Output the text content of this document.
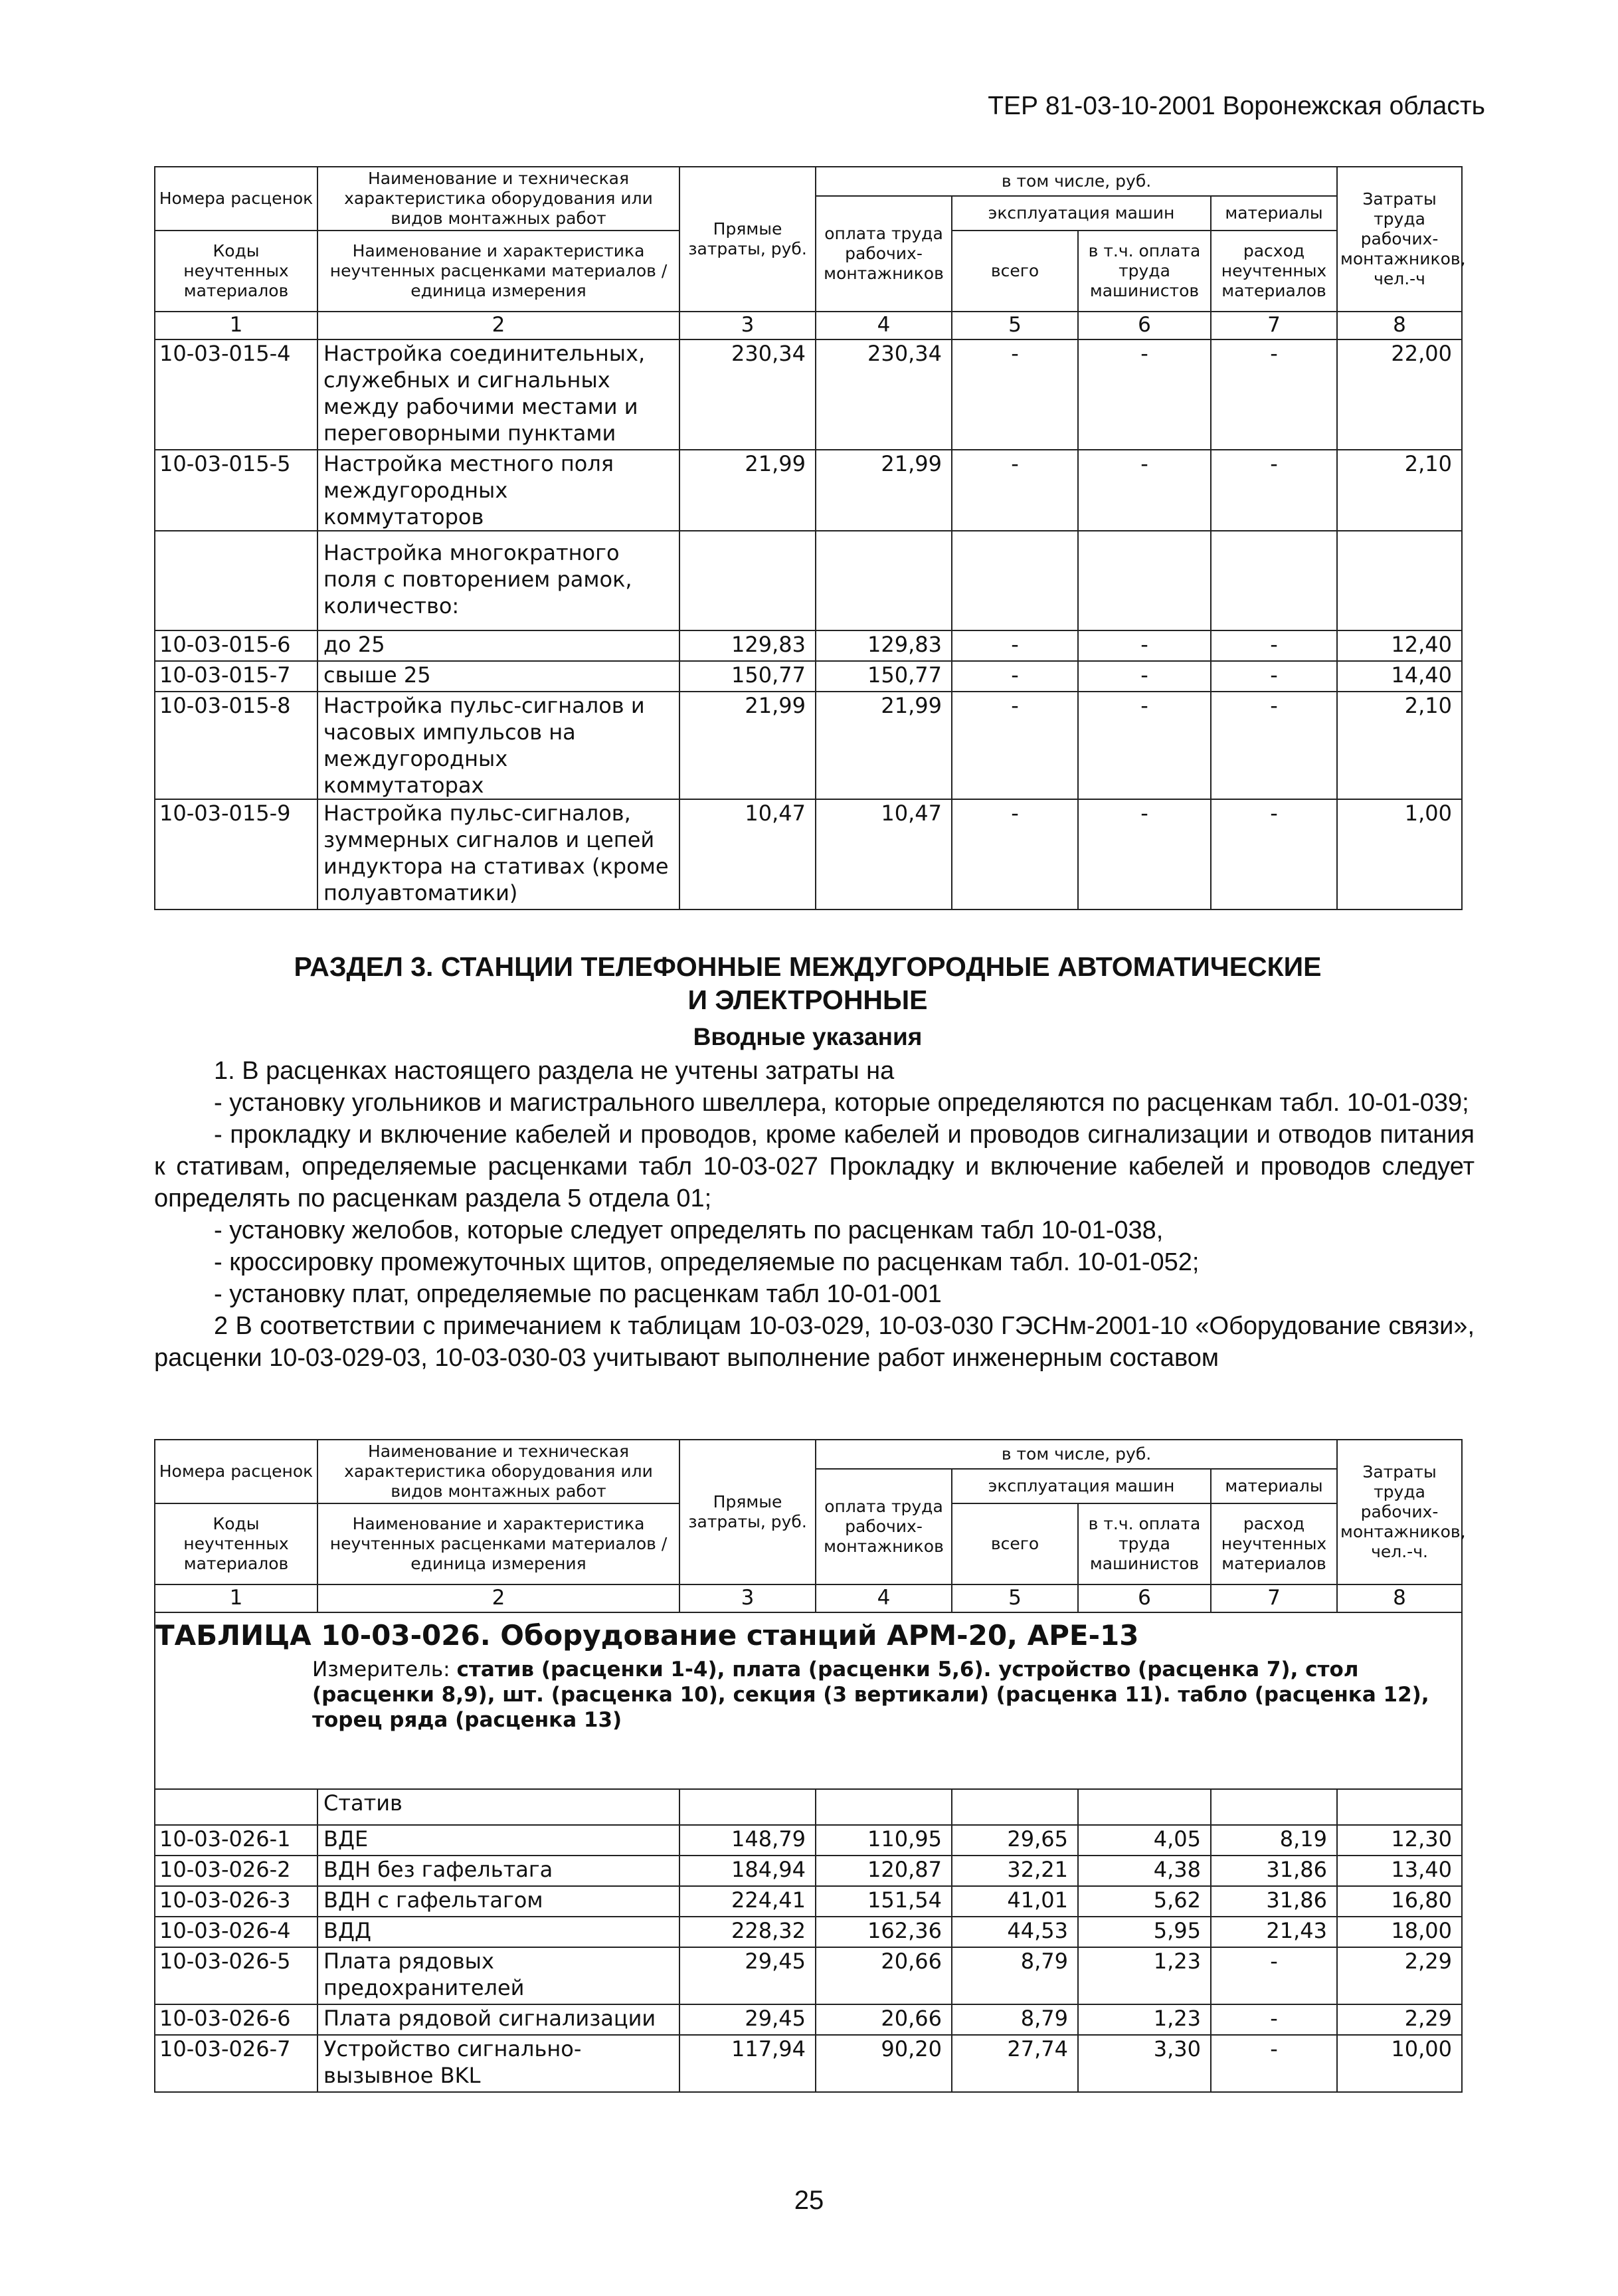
ТЕР 81-03-10-2001 Воронежская область
Номера расценок	Наименование и техническая характеристика оборудования или видов монтажных работ	Прямые затраты, руб.	в том числе, руб.				Затраты труда рабочих-монтажников, чел.-ч
			оплата труда рабочих-монтажников	эксплуатация машин		материалы	
Коды неучтенных материалов	Наименование и характеристика неучтенных расценками материалов / единица измерения			всего	в т.ч. оплата труда машинистов	расход неучтенных материалов	

1	2	3	4	5	6	7	8
10-03-015-4	Настройка соединительных, служебных и сигнальных между рабочими местами и переговорными пунктами	230,34	230,34	-	-	-	22,00
10-03-015-5	Настройка местного поля междугородных коммутаторов	21,99	21,99	-	-	-	2,10
	Настройка многократного поля с повторением рамок, количество:						
10-03-015-6	до 25	129,83	129,83	-	-	-	12,40
10-03-015-7	свыше 25	150,77	150,77	-	-	-	14,40
10-03-015-8	Настройка пульс-сигналов и часовых импульсов на междугородных коммутаторах	21,99	21,99	-	-	-	2,10
10-03-015-9	Настройка пульс-сигналов, зуммерных сигналов и цепей индуктора на стативах (кроме полуавтоматики)	10,47	10,47	-	-	-	1,00
РАЗДЕЛ 3. СТАНЦИИ ТЕЛЕФОННЫЕ МЕЖДУГОРОДНЫЕ АВТОМАТИЧЕСКИЕ
И ЭЛЕКТРОННЫЕ
Вводные указания

1. В расценках настоящего раздела не учтены затраты на

- установку угольников и магистрального швеллера, которые определяются по расценкам табл. 10-01-039;

- прокладку и включение кабелей и проводов, кроме кабелей и проводов сигнализации и отводов питания к стативам, определяемые расценками табл 10-03-027 Прокладку и включение кабелей и проводов следует определять по расценкам раздела 5 отдела 01;

- установку желобов, которые следует определять по расценкам табл 10-01-038,

- кроссировку промежуточных щитов, определяемые по расценкам табл. 10-01-052;

- установку плат, определяемые по расценкам табл 10-01-001

2 В соответствии с примечанием к таблицам 10-03-029, 10-03-030 ГЭСНм-2001-10 «Оборудование связи», расценки 10-03-029-03, 10-03-030-03 учитывают выполнение работ инженерным составом

Номера расценок	Наименование и техническая характеристика оборудования или видов монтажных работ	Прямые затраты, руб.	в том числе, руб.				Затраты труда рабочих-монтажников, чел.-ч.
			оплата труда рабочих-монтажников	эксплуатация машин		материалы	
Коды неучтенных материалов	Наименование и характеристика неучтенных расценками материалов / единица измерения			всего	в т.ч. оплата труда машинистов	расход неучтенных материалов	

1	2	3	4	5	6	7	8

ТАБЛИЦА 10-03-026. Оборудование станций АРМ-20, АРЕ-13
Измеритель: статив (расценки 1-4), плата (расценки 5,6). устройство (расценка 7), стол (расценки 8,9), шт. (расценка 10), секция (3 вертикали) (расценка 11). табло (расценка 12), торец ряда (расценка 13)							

	Статив						
10-03-026-1	ВДЕ	148,79	110,95	29,65	4,05	8,19	12,30
10-03-026-2	ВДН без гафельтага	184,94	120,87	32,21	4,38	31,86	13,40
10-03-026-3	ВДН с гафельтагом	224,41	151,54	41,01	5,62	31,86	16,80
10-03-026-4	ВДД	228,32	162,36	44,53	5,95	21,43	18,00
10-03-026-5	Плата рядовых предохранителей	29,45	20,66	8,79	1,23	-	2,29
10-03-026-6	Плата рядовой сигнализации	29,45	20,66	8,79	1,23	-	2,29
10-03-026-7	Устройство сигнально-вызывное BKL	117,94	90,20	27,74	3,30	-	10,00
25
